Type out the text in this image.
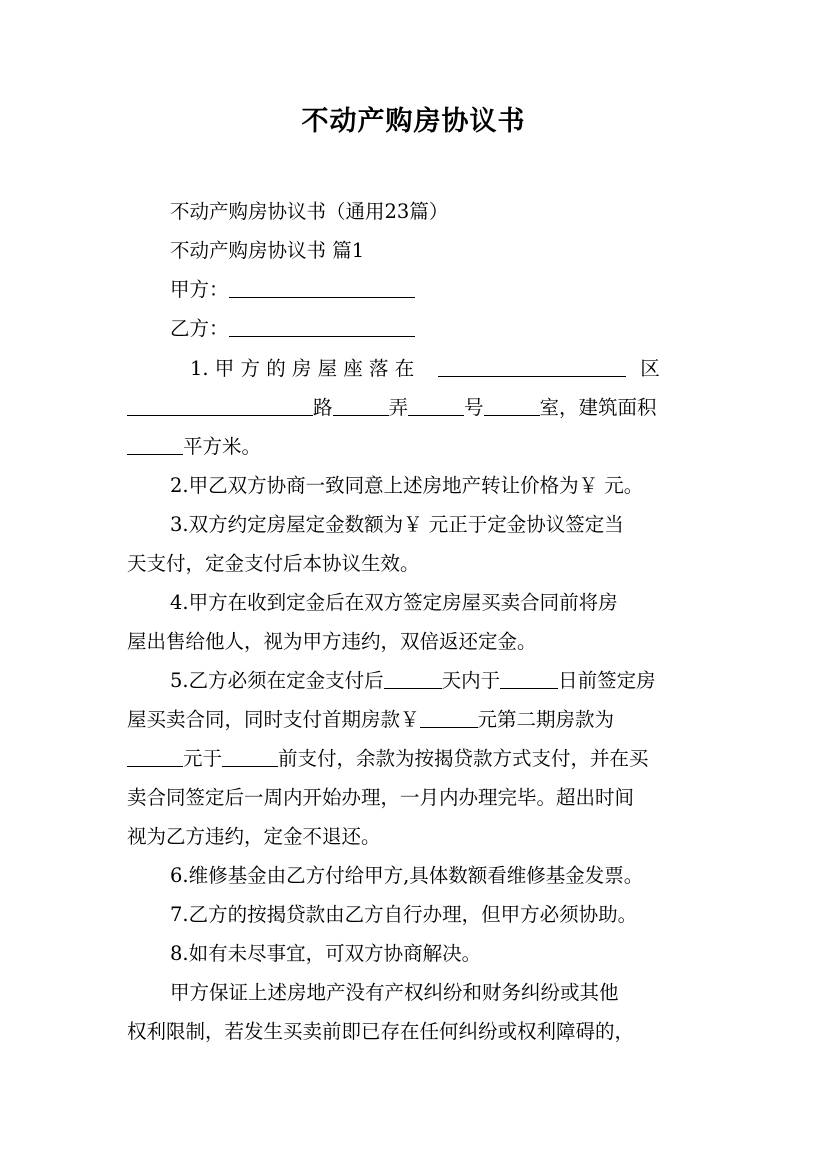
不动产购房协议书
不动产购房协议书（通用23篇）
不动产购房协议书 篇1
甲方：
乙方：
1. 甲 方 的 房 屋 座 落 在	区
路	弄	号	室，建筑面积
平方米。
2.甲乙双方协商一致同意上述房地产转让价格为￥ 元。
3.双方约定房屋定金数额为￥ 元正于定金协议签定当
天支付，定金支付后本协议生效。
4.甲方在收到定金后在双方签定房屋买卖合同前将房
屋出售给他人，视为甲方违约，双倍返还定金。
5.乙方必须在定金支付后	天内于	日前签定房
屋买卖合同，同时支付首期房款￥	元第二期房款为
元于	前支付，余款为按揭贷款方式支付，并在买
卖合同签定后一周内开始办理，一月内办理完毕。超出时间
视为乙方违约，定金不退还。
6.维修基金由乙方付给甲方,具体数额看维修基金发票。
7.乙方的按揭贷款由乙方自行办理，但甲方必须协助。
8.如有未尽事宜，可双方协商解决。
甲方保证上述房地产没有产权纠纷和财务纠纷或其他
权利限制，若发生买卖前即已存在任何纠纷或权利障碍的，
